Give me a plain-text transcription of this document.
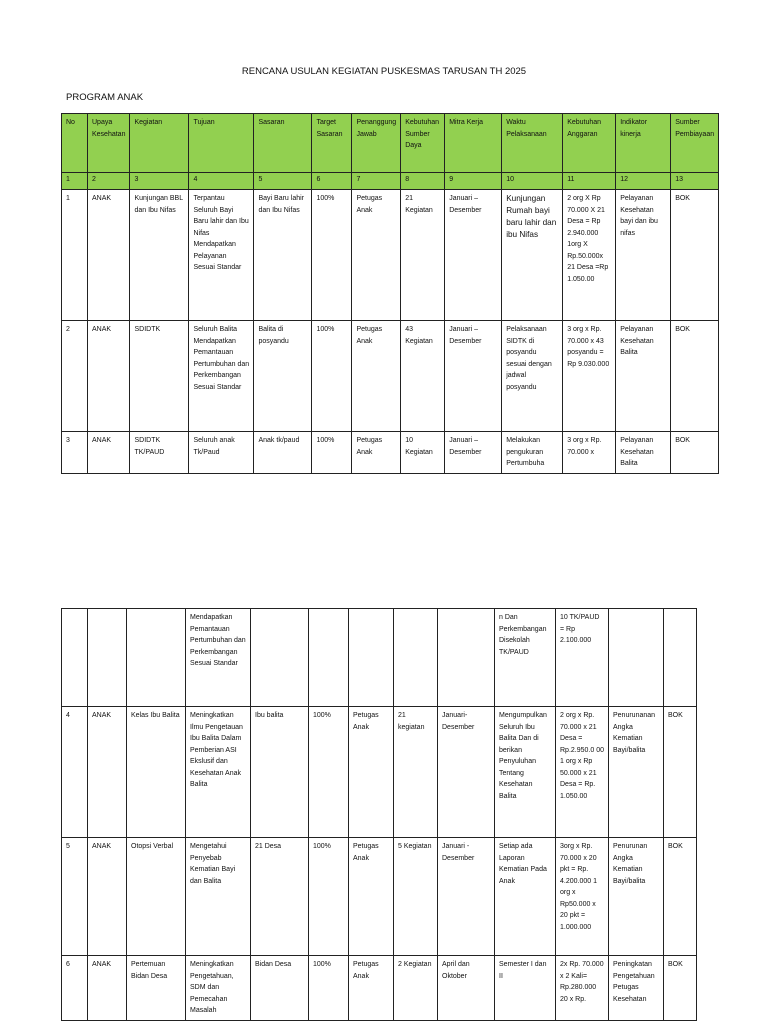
RENCANA USULAN KEGIATAN PUSKESMAS TARUSAN TH 2025
PROGRAM ANAK
No	Upaya Kesehatan	Kegiatan	Tujuan	Sasaran	Target Sasaran	Penanggung Jawab	Kebutuhan Sumber Daya	Mitra Kerja	Waktu Pelaksanaan	Kebutuhan Anggaran	Indikator kinerja	Sumber Pembiayaan
1	2	3	4	5	6	7	8	9	10	11	12	13
1	ANAK	Kunjungan BBL dan Ibu Nifas	Terpantau Seluruh Bayi Baru lahir dan Ibu Nifas Mendapatkan Pelayanan Sesuai Standar	Bayi Baru lahir dan Ibu Nifas	100%	Petugas Anak	21 Kegiatan	Januari – Desember	Kunjungan Rumah bayi baru lahir dan ibu Nifas	2 org X Rp 70.000 X 21 Desa = Rp 2.940.000 1org X Rp.50.000x 21 Desa =Rp 1.050.00	Pelayanan Kesehatan bayi dan ibu nifas	BOK
2	ANAK	SDIDTK	Seluruh Balita Mendapatkan Pemantauan Pertumbuhan dan Perkembangan Sesuai Standar	Balita di posyandu	100%	Petugas Anak	43 Kegiatan	Januari – Desember	Pelaksanaan SIDTK di posyandu sesuai dengan jadwal posyandu	3 org x Rp. 70.000 x 43 posyandu = Rp 9.030.000	Pelayanan Kesehatan Balita	BOK
3	ANAK	SDIDTK TK/PAUD	Seluruh anak Tk/Paud	Anak tk/paud	100%	Petugas Anak	10 Kegiatan	Januari – Desember	Melakukan pengukuran Pertumbuha	3 org x Rp. 70.000 x	Pelayanan Kesehatan Balita	BOK
			Mendapatkan Pemantauan Pertumbuhan dan Perkembangan Sesuai Standar						n Dan Perkembangan Disekolah TK/PAUD	10 TK/PAUD = Rp 2.100.000		
4	ANAK	Kelas Ibu Balita	Meningkatkan Ilmu Pengetauan Ibu Balita Dalam Pemberian ASI Ekslusif dan Kesehatan Anak Balita	Ibu balita	100%	Petugas Anak	21 kegiatan	Januari- Desember	Mengumpulkan Seluruh Ibu Balita Dan di berikan Penyuluhan Tentang Kesehatan Balita	2 org x Rp. 70.000 x 21 Desa = Rp.2.950.0 00 1 org x Rp 50.000 x 21 Desa = Rp. 1.050.00	Penurunanan Angka Kematian Bayi/balita	BOK
5	ANAK	Otopsi Verbal	Mengetahui Penyebab Kematian Bayi dan Balita	21 Desa	100%	Petugas Anak	5 Kegiatan	Januari - Desember	Setiap ada Laporan Kematian Pada Anak	3org x Rp. 70.000 x 20 pkt = Rp. 4.200.000 1 org x Rp50.000 x 20 pkt = 1.000.000	Penurunan Angka Kematian Bayi/balita	BOK
6	ANAK	Pertemuan Bidan Desa	Meningkatkan Pengetahuan, SDM dan Pemecahan Masalah	Bidan Desa	100%	Petugas Anak	2 Kegiatan	April dan Oktober	Semester I dan II	2x Rp. 70.000 x 2 Kali= Rp.280.000 20 x Rp.	Peningkatan Pengetahuan Petugas Kesehatan	BOK
